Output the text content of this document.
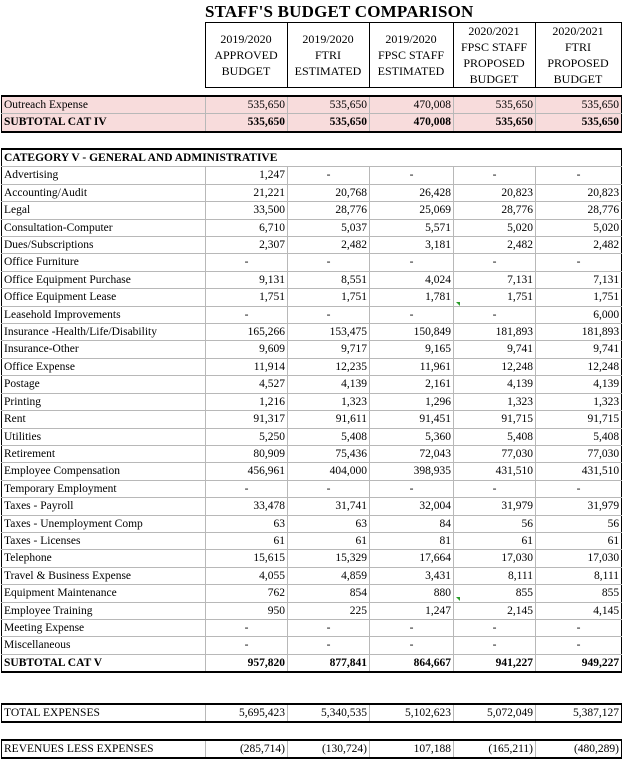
STAFF'S BUDGET COMPARISON

2019/2020
APPROVED
BUDGET

2019/2020
FTRI
ESTIMATED

2019/2020
FPSC STAFF
ESTIMATED

2020/2021
FPSC STAFF
PROPOSED
BUDGET

2020/2021
FTRI
PROPOSED
BUDGET
Outreach Expense	535,650	535,650	470,008	535,650	535,650
SUBTOTAL CAT IV	535,650	535,650	470,008	535,650	535,650
CATEGORY V - GENERAL AND ADMINISTRATIVE					
Advertising	1,247	-	-	-	-
Accounting/Audit	21,221	20,768	26,428	20,823	20,823
Legal	33,500	28,776	25,069	28,776	28,776
Consultation-Computer	6,710	5,037	5,571	5,020	5,020
Dues/Subscriptions	2,307	2,482	3,181	2,482	2,482
Office Furniture	-	-	-	-	-
Office Equipment Purchase	9,131	8,551	4,024	7,131	7,131
Office Equipment Lease	1,751	1,751	1,781	1,751	1,751
Leasehold Improvements	-	-	-	-	6,000
Insurance -Health/Life/Disability	165,266	153,475	150,849	181,893	181,893
Insurance-Other	9,609	9,717	9,165	9,741	9,741
Office Expense	11,914	12,235	11,961	12,248	12,248
Postage	4,527	4,139	2,161	4,139	4,139
Printing	1,216	1,323	1,296	1,323	1,323
Rent	91,317	91,611	91,451	91,715	91,715
Utilities	5,250	5,408	5,360	5,408	5,408
Retirement	80,909	75,436	72,043	77,030	77,030
Employee Compensation	456,961	404,000	398,935	431,510	431,510
Temporary Employment	-	-	-	-	-
Taxes - Payroll	33,478	31,741	32,004	31,979	31,979
Taxes - Unemployment Comp	63	63	84	56	56
Taxes - Licenses	61	61	81	61	61
Telephone	15,615	15,329	17,664	17,030	17,030
Travel & Business Expense	4,055	4,859	3,431	8,111	8,111
Equipment Maintenance	762	854	880	855	855
Employee Training	950	225	1,247	2,145	4,145
Meeting Expense	-	-	-	-	-
Miscellaneous	-	-	-	-	-
SUBTOTAL CAT V	957,820	877,841	864,667	941,227	949,227
TOTAL EXPENSES	5,695,423	5,340,535	5,102,623	5,072,049	5,387,127
REVENUES LESS EXPENSES	(285,714)	(130,724)	107,188	(165,211)	(480,289)
